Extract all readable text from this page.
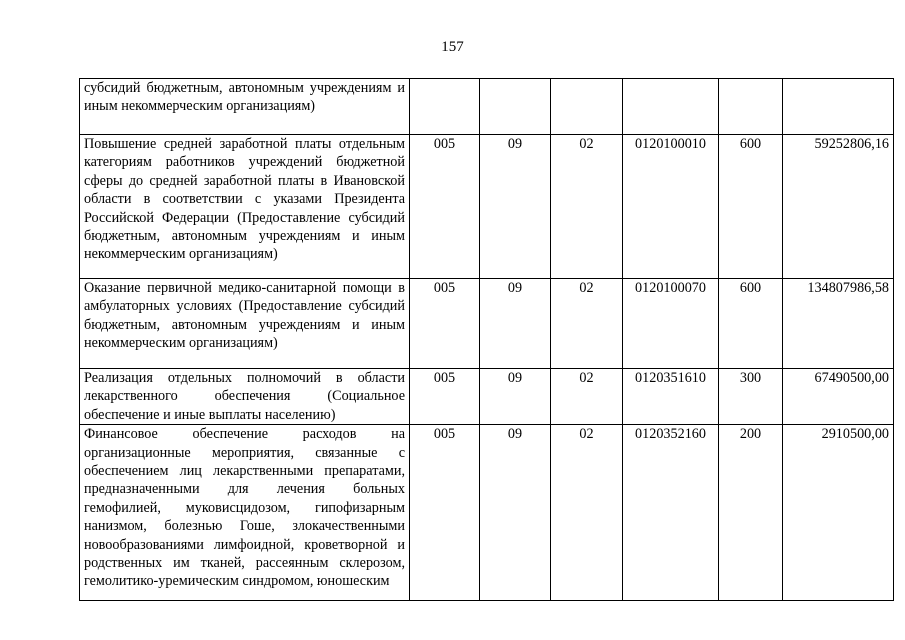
157
субсидий бюджетным, автономным учреждениям и иным некоммерческим организациям)						
Повышение средней заработной платы отдельным категориям работников учреждений бюджетной сферы до средней заработной платы в Ивановской области в соответствии с указами Президента Российской Федерации (Предоставление субсидий бюджетным, автономным учреждениям и иным некоммерческим организациям)	005	09	02	0120100010	600	59252806,16
Оказание первичной медико-санитарной помощи в амбулаторных условиях (Предоставление субсидий бюджетным, автономным учреждениям и иным некоммерческим организациям)	005	09	02	0120100070	600	134807986,58
Реализация отдельных полномочий в области лекарственного обеспечения (Социальное обеспечение и иные выплаты населению)	005	09	02	0120351610	300	67490500,00

Финансовое обеспечение расходов на организационные мероприятия, связанные с обеспечением лиц лекарственными препаратами, предназначенными для лечения больных гемофилией, муковисцидозом, гипофизарным нанизмом, болезнью Гоше, злокачественными новообразованиями лимфоидной, кроветворной и родственных им тканей, рассеянным склерозом, гемолитико-уремическим синдромом, юношеским	005	09	02	0120352160	200	2910500,00
